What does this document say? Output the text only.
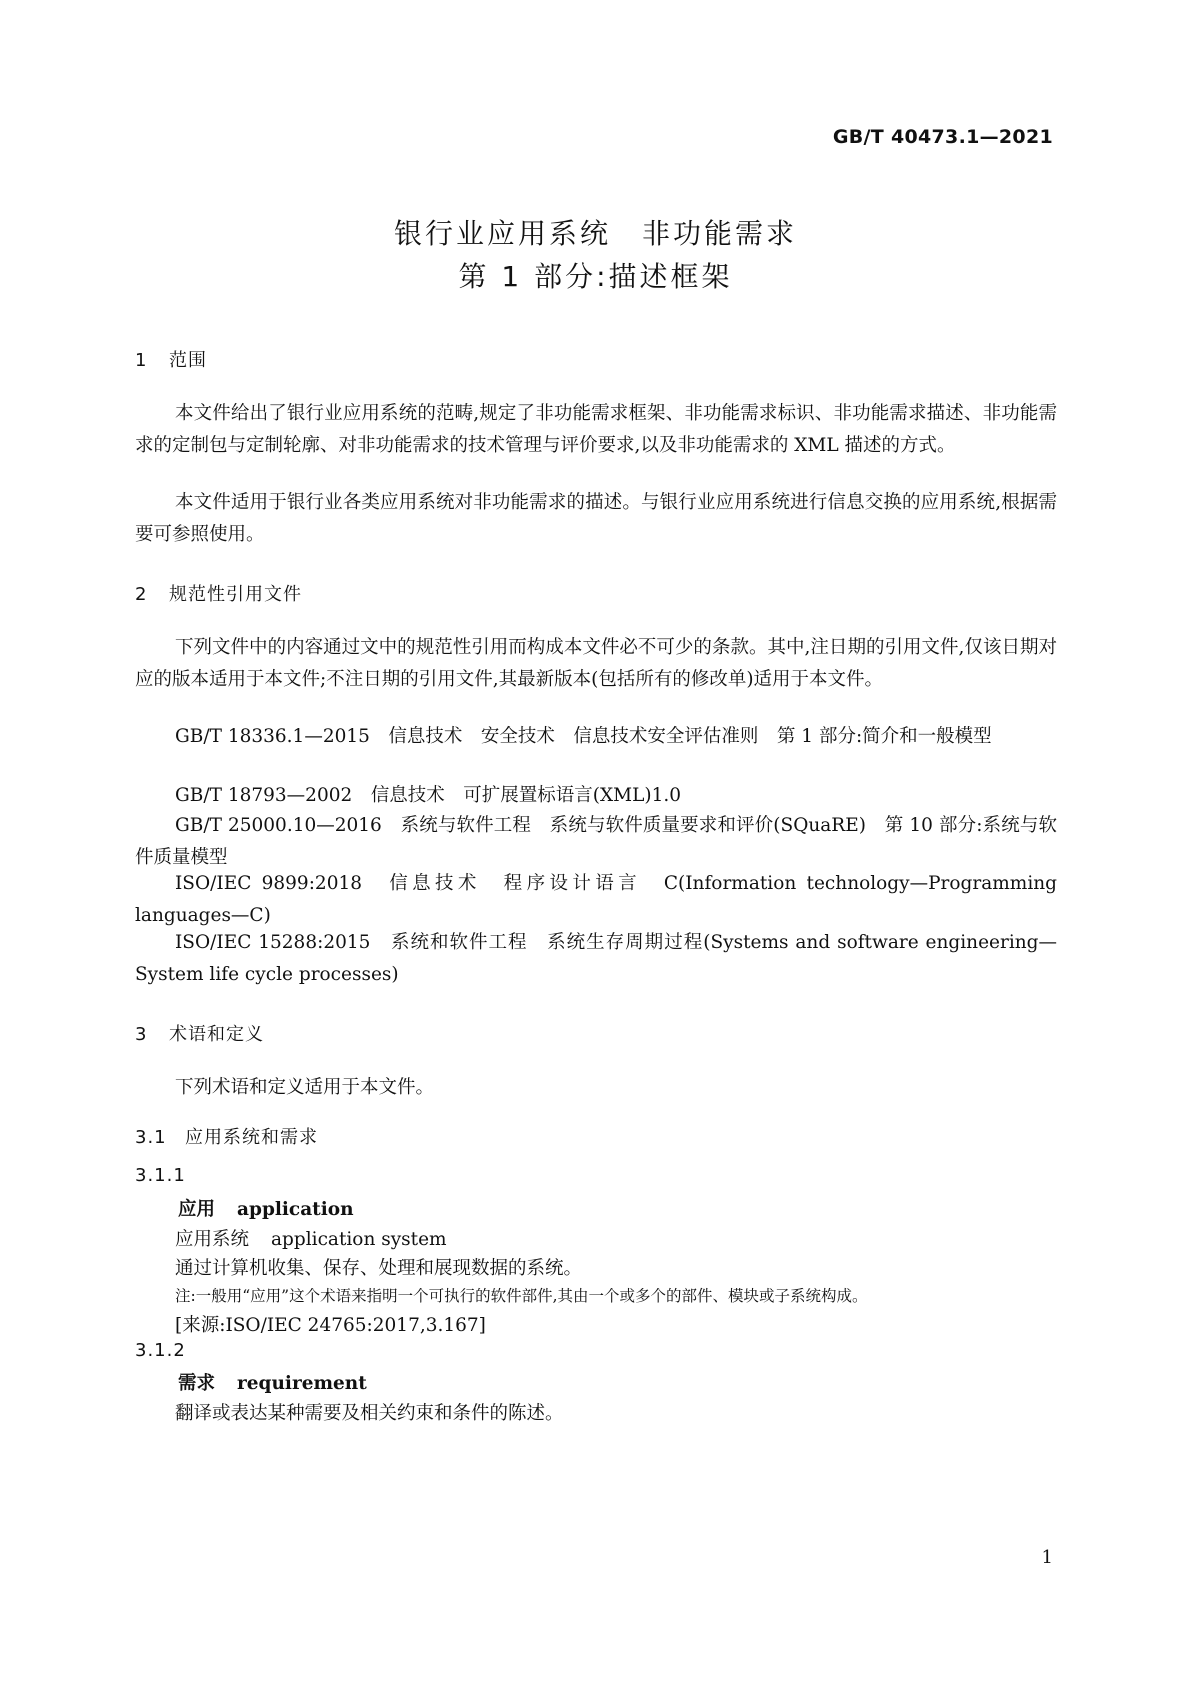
GB/T 40473.1—2021
银行业应用系统　非功能需求
第 1 部分:描述框架
1 范围
本文件给出了银行业应用系统的范畴,规定了非功能需求框架、非功能需求标识、非功能需求描述、非功能需求的定制包与定制轮廓、对非功能需求的技术管理与评价要求,以及非功能需求的 XML 描述的方式。
本文件适用于银行业各类应用系统对非功能需求的描述。与银行业应用系统进行信息交换的应用系统,根据需要可参照使用。
2 规范性引用文件
下列文件中的内容通过文中的规范性引用而构成本文件必不可少的条款。其中,注日期的引用文件,仅该日期对应的版本适用于本文件;不注日期的引用文件,其最新版本(包括所有的修改单)适用于本文件。
GB/T 18336.1—2015　信息技术　安全技术　信息技术安全评估准则　第 1 部分:简介和一般模型
GB/T 18793—2002　信息技术　可扩展置标语言(XML)1.0
GB/T 25000.10—2016　系统与软件工程　系统与软件质量要求和评价(SQuaRE)　第 10 部分:系统与软件质量模型
ISO/IEC 9899:2018　信息技术　程序设计语言　C(Information technology—Programming languages—C)
ISO/IEC 15288:2015　系统和软件工程　系统生存周期过程(Systems and software engineering—System life cycle processes)
3 术语和定义
下列术语和定义适用于本文件。
3.1 应用系统和需求
3.1.1
应用 application
应用系统 application system
通过计算机收集、保存、处理和展现数据的系统。
注:一般用“应用”这个术语来指明一个可执行的软件部件,其由一个或多个的部件、模块或子系统构成。
[来源:ISO/IEC 24765:2017,3.167]
3.1.2
需求 requirement
翻译或表达某种需要及相关约束和条件的陈述。
1
